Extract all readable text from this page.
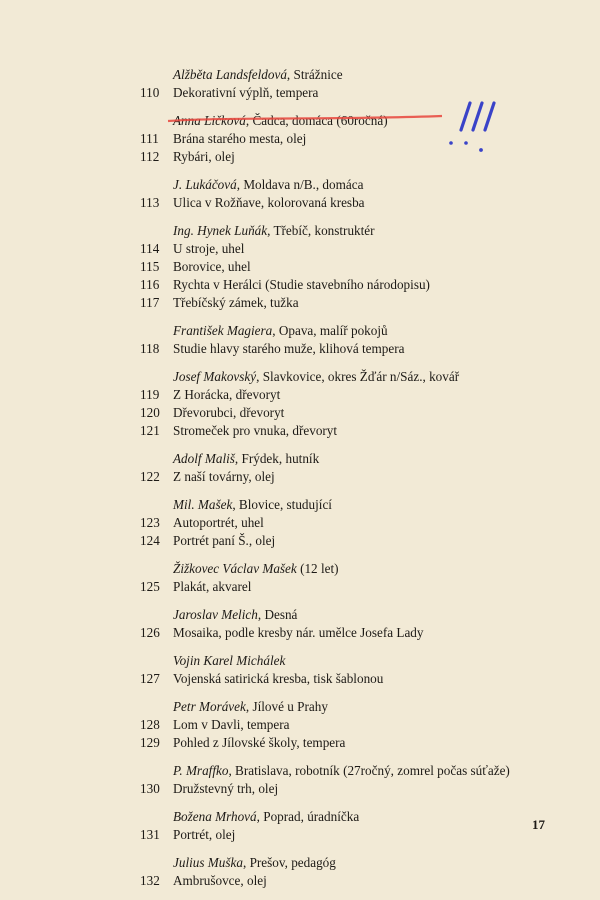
Alžběta Landsfeldová, Strážnice
110	Dekorativní výplň, tempera
Anna Ličková, Čadca, domáca (60ročná)
111	Brána starého mesta, olej
112	Rybári, olej
J. Lukáčová, Moldava n/B., domáca
113	Ulica v Rožňave, kolorovaná kresba
Ing. Hynek Luňák, Třebíč, konstruktér
114	U stroje, uhel
115	Borovice, uhel
116	Rychta v Herálci (Studie stavebního národopisu)
117	Třebíčský zámek, tužka
František Magiera, Opava, malíř pokojů
118	Studie hlavy starého muže, klihová tempera
Josef Makovský, Slavkovice, okres Žďár n/Sáz., kovář
119	Z Horácka, dřevoryt
120	Dřevorubci, dřevoryt
121	Stromeček pro vnuka, dřevoryt
Adolf Mališ, Frýdek, hutník
122	Z naší továrny, olej
Mil. Mašek, Blovice, studující
123	Autoportrét, uhel
124	Portrét paní Š., olej
Žižkovec Václav Mašek (12 let)
125	Plakát, akvarel
Jaroslav Melich, Desná
126	Mosaika, podle kresby nár. umělce Josefa Lady
Vojin Karel Michálek
127	Vojenská satirická kresba, tisk šablonou
Petr Morávek, Jílové u Prahy
128	Lom v Davli, tempera
129	Pohled z Jílovské školy, tempera
P. Mraffko, Bratislava, robotník (27ročný, zomrel počas súťaže)
130	Družstevný trh, olej
Božena Mrhová, Poprad, úradníčka
131	Portrét, olej
Julius Muška, Prešov, pedagóg
132	Ambrušovce, olej
17
